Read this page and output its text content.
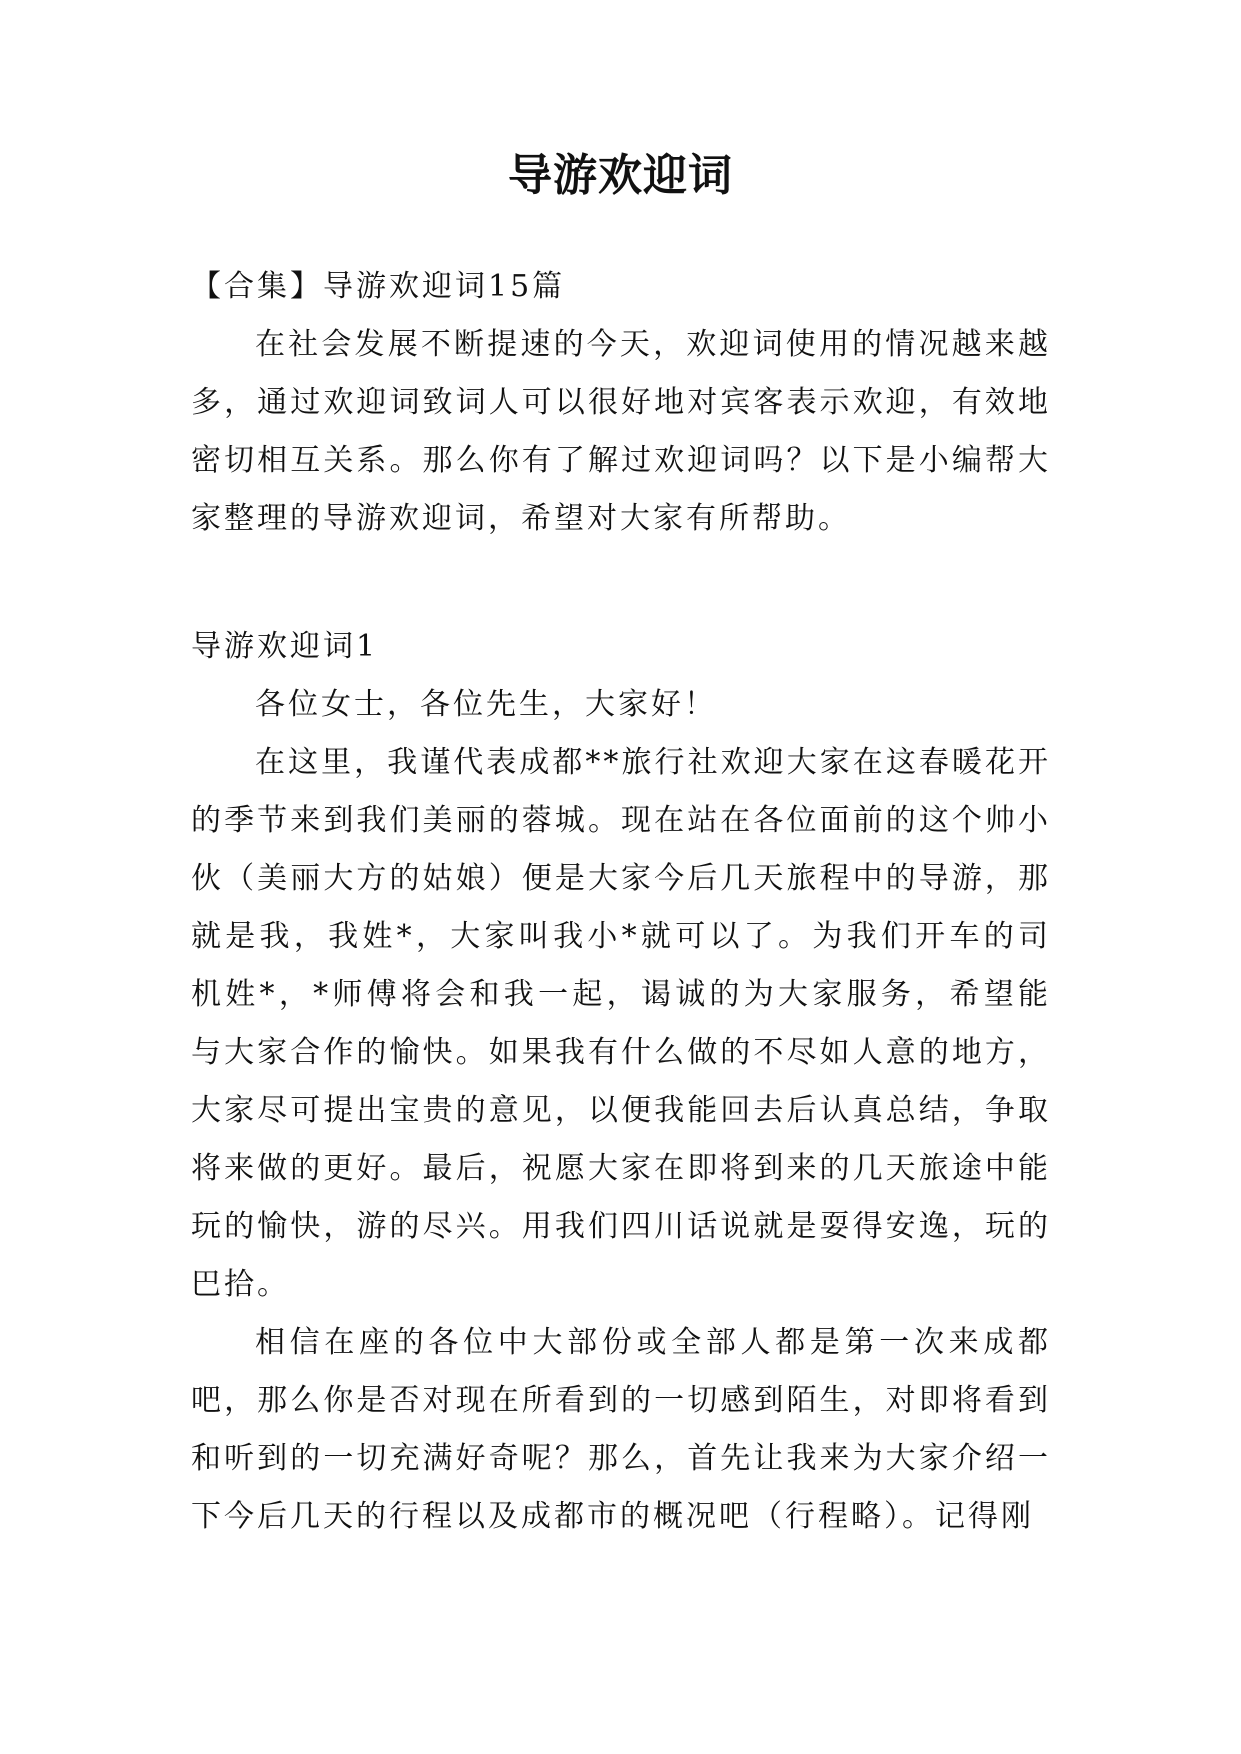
导游欢迎词

【合集】导游欢迎词15篇

在社会发展不断提速的今天，欢迎词使用的情况越来越多，通过欢迎词致词人可以很好地对宾客表示欢迎，有效地密切相互关系。那么你有了解过欢迎词吗？以下是小编帮大家整理的导游欢迎词，希望对大家有所帮助。

导游欢迎词1

各位女士，各位先生，大家好！

在这里，我谨代表成都**旅行社欢迎大家在这春暖花开的季节来到我们美丽的蓉城。现在站在各位面前的这个帅小伙（美丽大方的姑娘）便是大家今后几天旅程中的导游，那就是我，我姓*，大家叫我小*就可以了。为我们开车的司机姓*，*师傅将会和我一起，谒诚的为大家服务，希望能与大家合作的愉快。如果我有什么做的不尽如人意的地方，大家尽可提出宝贵的意见，以便我能回去后认真总结，争取将来做的更好。最后，祝愿大家在即将到来的几天旅途中能玩的愉快，游的尽兴。用我们四川话说就是耍得安逸，玩的巴拾。

相信在座的各位中大部份或全部人都是第一次来成都吧，那么你是否对现在所看到的一切感到陌生，对即将看到和听到的一切充满好奇呢？那么，首先让我来为大家介绍一下今后几天的行程以及成都市的概况吧（行程略）。记得刚
